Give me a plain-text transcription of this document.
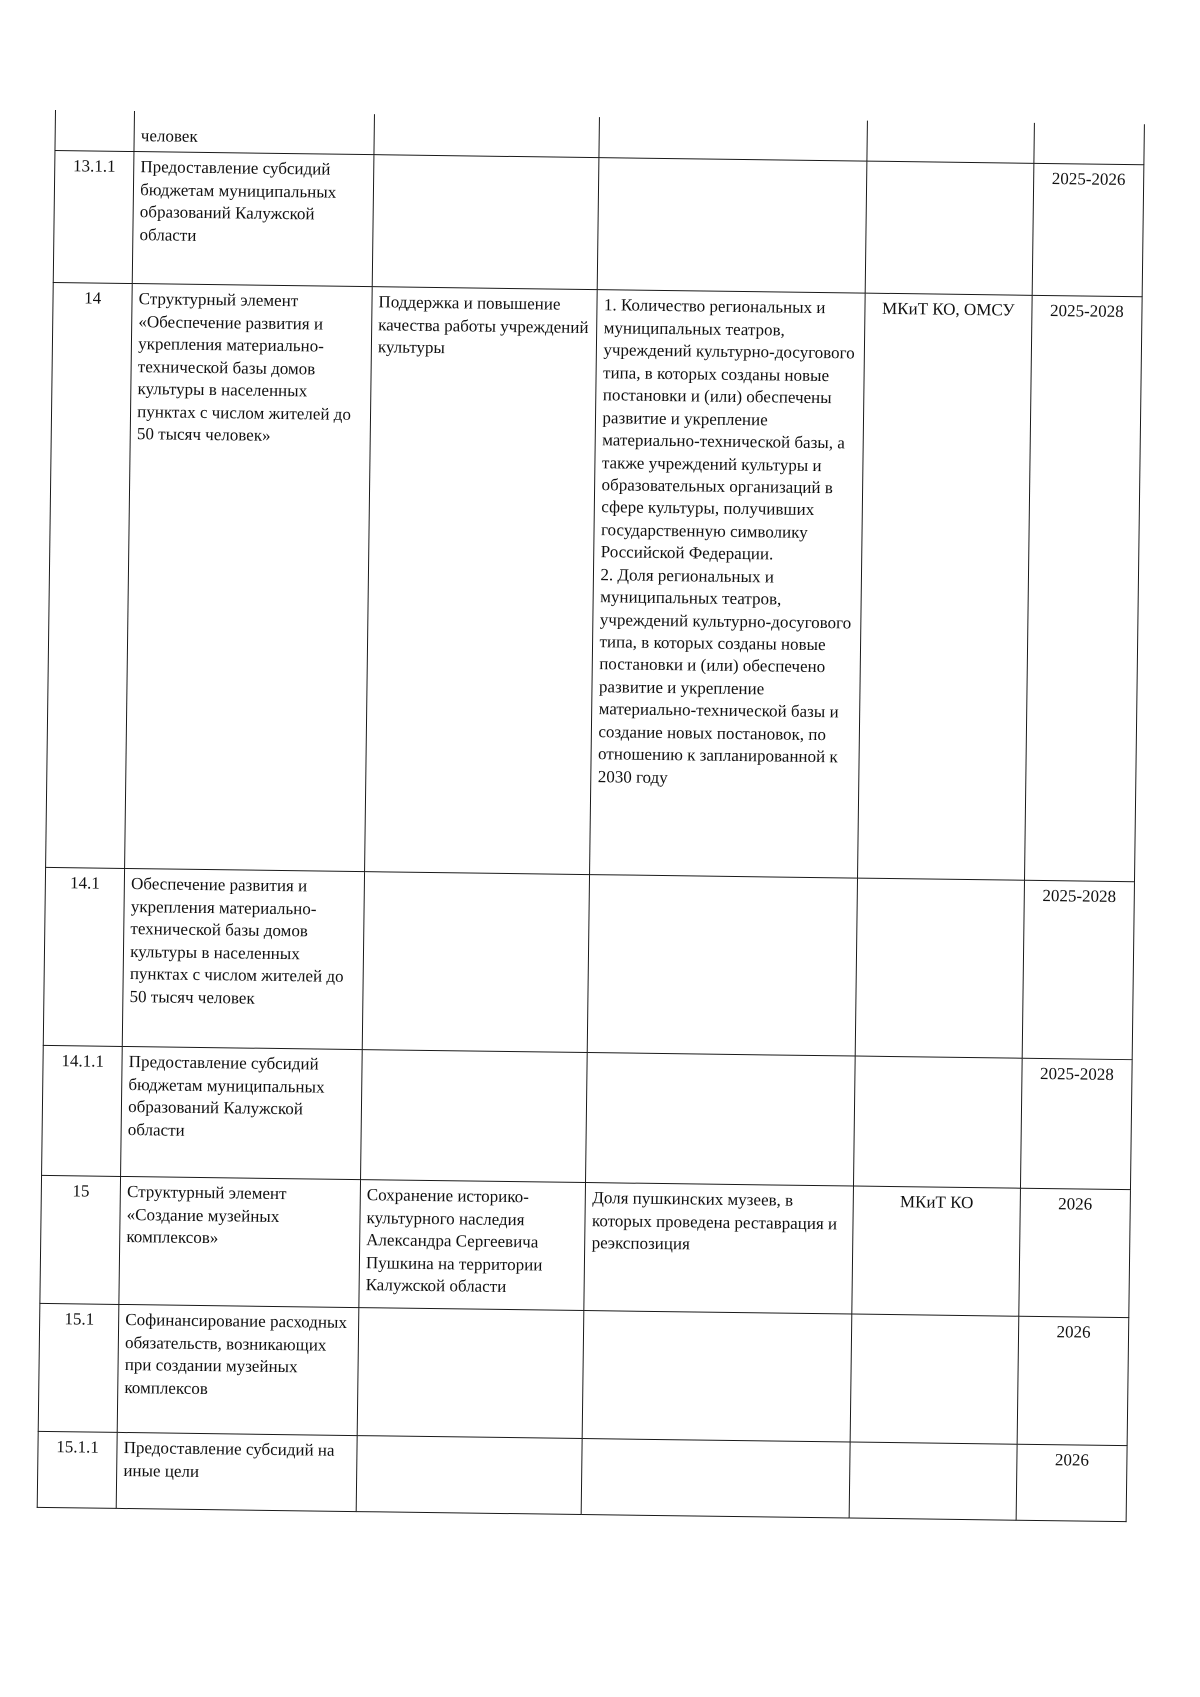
	человек				
13.1.1	Предоставление субсидий бюджетам муниципальных образований Калужской области				2025-2026
14	Структурный элемент «Обеспечение развития и укрепления материально-технической базы домов культуры в населенных пунктах с числом жителей до 50 тысяч человек»	Поддержка и повышение качества работы учреждений культуры	1. Количество региональных и муниципальных театров, учреждений культурно-досугового типа, в которых созданы новые постановки и (или) обеспечены развитие и укрепление материально-технической базы, а также учреждений культуры и образовательных организаций в сфере культуры, получивших государственную символику Российской Федерации.
2. Доля региональных и муниципальных театров, учреждений культурно-досугового типа, в которых созданы новые постановки и (или) обеспечено развитие и укрепление материально-технической базы и создание новых постановок, по отношению к запланированной к 2030 году	МКиТ КО, ОМСУ	2025-2028
14.1	Обеспечение развития и укрепления материально-технической базы домов культуры в населенных пунктах с числом жителей до 50 тысяч человек				2025-2028
14.1.1	Предоставление субсидий бюджетам муниципальных образований Калужской области				2025-2028
15	Структурный элемент «Создание музейных комплексов»	Сохранение историко-культурного наследия Александра Сергеевича Пушкина на территории Калужской области	Доля пушкинских музеев, в которых проведена реставрация и реэкспозиция	МКиТ КО	2026
15.1	Софинансирование расходных обязательств, возникающих при создании музейных комплексов				2026
15.1.1	Предоставление субсидий на иные цели				2026
